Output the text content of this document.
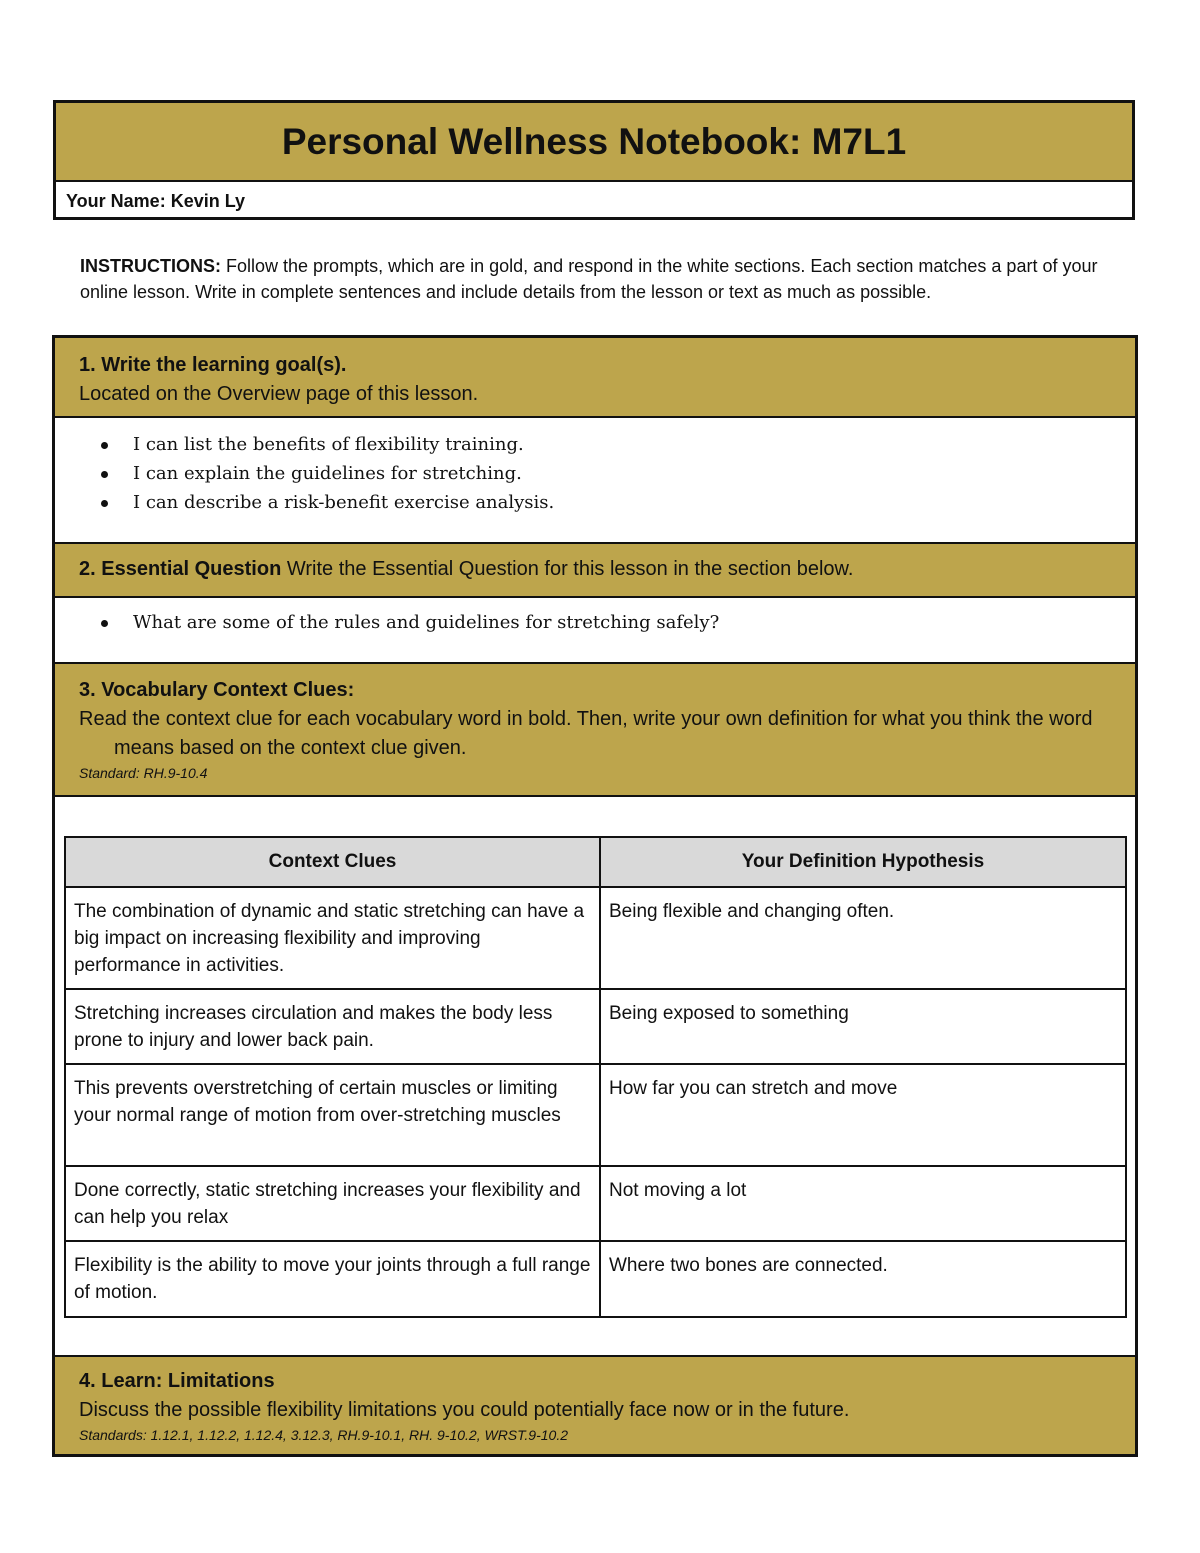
Personal Wellness Notebook: M7L1
Your Name:
Kevin Ly
INSTRUCTIONS: Follow the prompts, which are in gold, and respond in the white sections. Each section matches a part of your online lesson. Write in complete sentences and include details from the lesson or text as much as possible.
1. Write the learning goal(s).
Located on the Overview page of this lesson.
I can list the benefits of flexibility training.
I can explain the guidelines for stretching.
I can describe a risk-benefit exercise analysis.
2. Essential Question Write the Essential Question for this lesson in the section below.
What are some of the rules and guidelines for stretching safely?
3. Vocabulary Context Clues:
Read the context clue for each vocabulary word in bold. Then, write your own definition for what you think the word means based on the context clue given.
Standard: RH.9-10.4
Context Clues	Your Definition Hypothesis
The combination of dynamic and static stretching can have a big impact on increasing flexibility and improving performance in activities.	Being flexible and changing often.
Stretching increases circulation and makes the body less prone to injury and lower back pain.	Being exposed to something
This prevents overstretching of certain muscles or limiting your normal range of motion from over-stretching muscles	How far you can stretch and move
Done correctly, static stretching increases your flexibility and can help you relax	Not moving a lot
Flexibility is the ability to move your joints through a full range of motion.	Where two bones are connected.
4. Learn: Limitations
Discuss the possible flexibility limitations you could potentially face now or in the future.
Standards: 1.12.1, 1.12.2, 1.12.4, 3.12.3, RH.9-10.1, RH. 9-10.2, WRST.9-10.2
